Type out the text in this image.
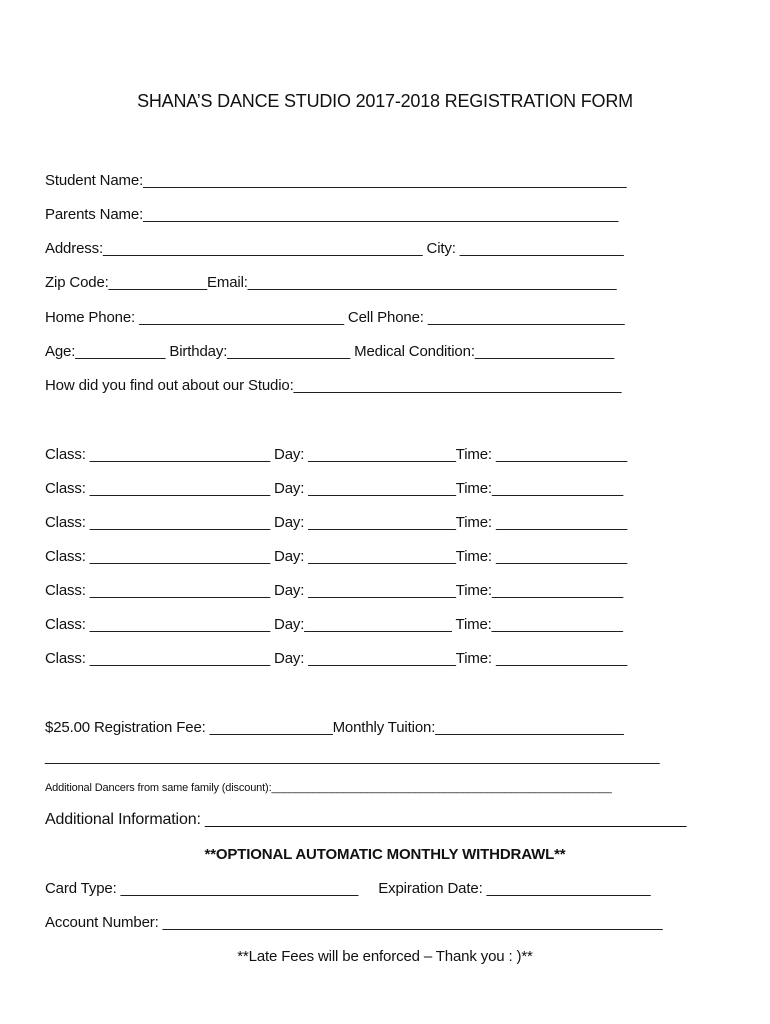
SHANA’S DANCE STUDIO 2017-2018 REGISTRATION FORM
Student Name:___________________________________________________________
Parents Name:__________________________________________________________
Address:_______________________________________ City: ____________________
Zip Code:____________Email:_____________________________________________
Home Phone: _________________________ Cell Phone: ________________________
Age:___________ Birthday:_______________ Medical Condition:_________________
How did you find out about our Studio:________________________________________
Class: ______________________ Day: __________________Time: ________________
Class: ______________________ Day: __________________Time:________________
Class: ______________________ Day: __________________Time: ________________
Class: ______________________ Day: __________________Time: ________________
Class: ______________________ Day: __________________Time:________________
Class: ______________________ Day:__________________ Time:________________
Class: ______________________ Day: __________________Time: ________________
$25.00 Registration Fee: _______________Monthly Tuition:_______________________
___________________________________________________________________________
Additional Dancers from same family (discount):_________________________________________________________
Additional Information: _______________________________________________________
**OPTIONAL AUTOMATIC MONTHLY WITHDRAWL**
Card Type: _____________________________     Expiration Date: ____________________
Account Number: _____________________________________________________________
**Late Fees will be enforced – Thank you : )**
